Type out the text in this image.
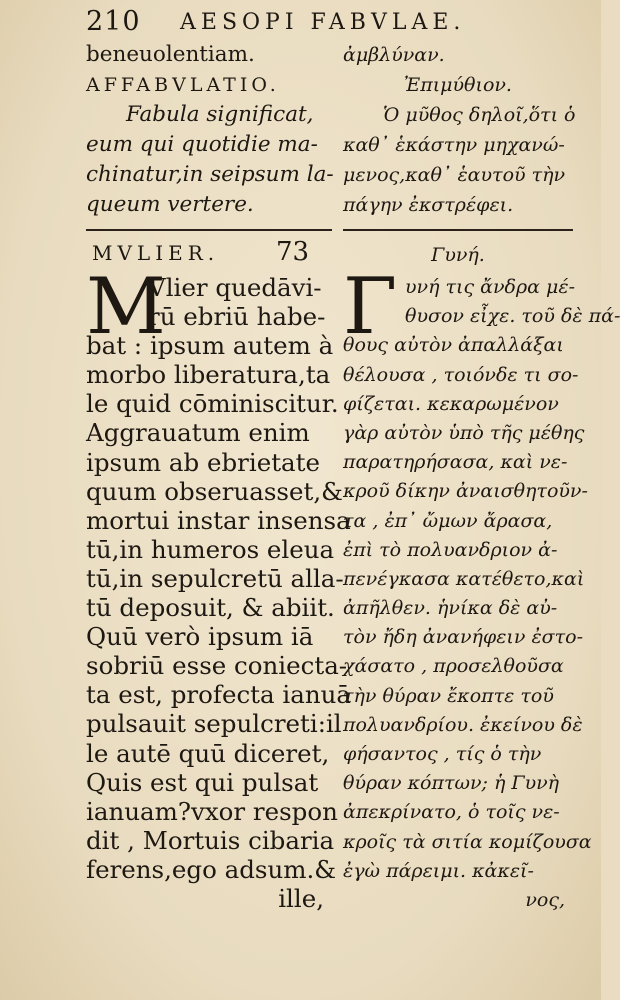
210 AESOPI FABVLAE.
beneuolentiam.
AFFABVLATIO.
Fabula significat,
eum qui quotidie ma-
chinatur,in seipsum la-
queum vertere.
MVLIER. 73
M
Vlier quedāvi-
rū ebriū habe-
bat : ipsum autem à
morbo liberatura,ta
le quid cōminiscitur.
Aggrauatum enim
ipsum ab ebrietate
quum obseruasset,&
mortui instar insensa
tū,in humeros eleua
tū,in sepulcretū alla-
tū deposuit, & abiit.
Quū verò ipsum iā
sobriū esse coniecta-
ta est, profecta ianuā
pulsauit sepulcreti:il
le autē quū diceret,
Quis est qui pulsat
ianuam?vxor respon
dit , Mortuis cibaria
ferens,ego adsum.&
ille,
ἀμβλύναν.
Ἐπιμύθιον.
Ὁ μῦθος δηλοῖ,ὅτι ὁ
καθ᾽ ἑκάστην μηχανώ-
μενος,καθ᾽ ἑαυτοῦ τὴν
πάγην ἐκστρέφει.
Γυνή.
Γ υνή τις ἄνδρα μέ-
θυσον εἶχε. τοῦ δὲ πά-
θους αὐτὸν ἀπαλλάξαι
θέλουσα , τοιόνδε τι σο-
φίζεται. κεκαρωμένον
γὰρ αὐτὸν ὑπὸ τῆς μέθης
παρατηρήσασα, καὶ νε-
κροῦ δίκην ἀναισθητοῦν-
τα , ἐπ᾽ ὤμων ἄρασα,
ἐπὶ τὸ πολυανδριον ἀ-
πενέγκασα κατέθετο,καὶ
ἀπῆλθεν. ἡνίκα δὲ αὐ-
τὸν ἤδη ἀνανήφειν ἐστο-
χάσατο , προσελθοῦσα
τὴν θύραν ἔκοπτε τοῦ
πολυανδρίου. ἐκείνου δὲ
φήσαντος , τίς ὁ τὴν
θύραν κόπτων; ἡ Γυνὴ
ἀπεκρίνατο, ὁ τοῖς νε-
κροῖς τὰ σιτία κομίζουσα
ἐγὼ πάρειμι. κἀκεῖ-
νος,
